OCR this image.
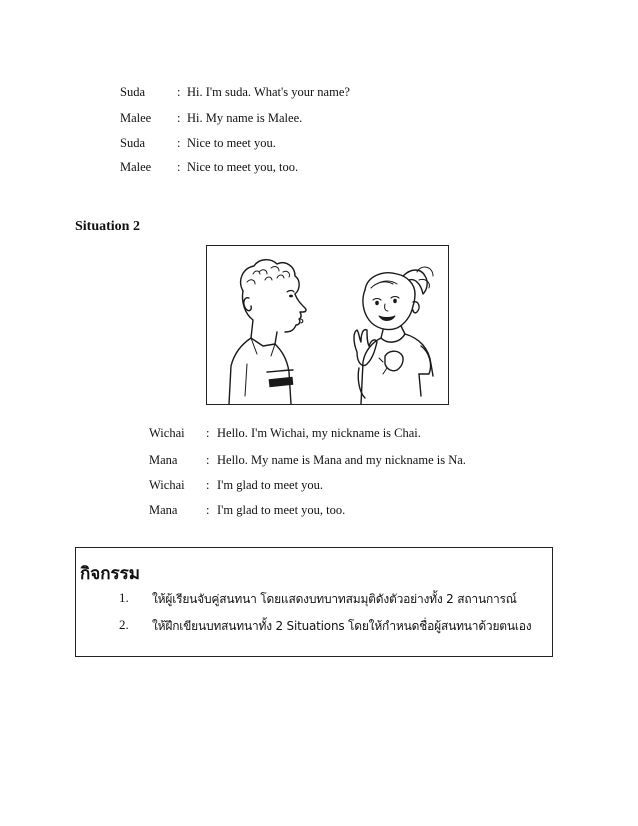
Suda	: Hi. I'm suda. What's your name?
Malee : Hi. My name is Malee.
Suda	: Nice to meet you.
Malee : Nice to meet you, too.
Situation 2
Wichai : Hello. I'm Wichai, my nickname is Chai.
Mana : Hello. My name is Mana and my nickname is Na.
Wichai : I'm glad to meet you.
Mana : I'm glad to meet you, too.
กิจกรรม
1. ให้ผู้เรียนจับคู่สนทนา โดยแสดงบทบาทสมมุติดังตัวอย่างทั้ง 2 สถานการณ์
2. ให้ฝึกเขียนบทสนทนาทั้ง 2 Situations โดยให้กำหนดชื่อผู้สนทนาด้วยตนเอง
